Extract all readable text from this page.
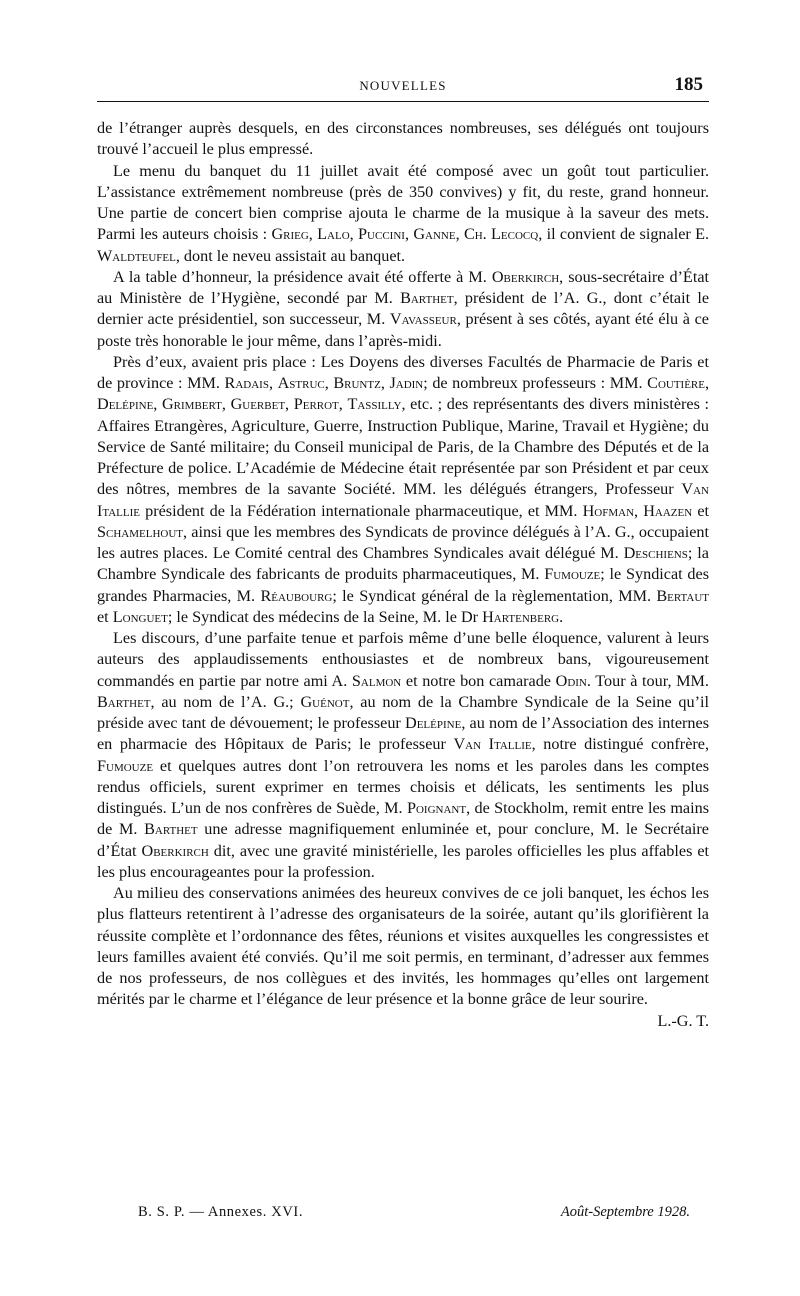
NOUVELLES	185

de l’étranger auprès desquels, en des circonstances nombreuses, ses délégués ont toujours trouvé l’accueil le plus empressé.

Le menu du banquet du 11 juillet avait été composé avec un goût tout particulier. L’assistance extrêmement nombreuse (près de 350 convives) y fit, du reste, grand honneur. Une partie de concert bien comprise ajouta le charme de la musique à la saveur des mets. Parmi les auteurs choisis : Grieg, Lalo, Puccini, Ganne, Ch. Lecocq, il convient de signaler E. Waldteufel, dont le neveu assistait au banquet.

A la table d’honneur, la présidence avait été offerte à M. Oberkirch, sous-secrétaire d’État au Ministère de l’Hygiène, secondé par M. Barthet, président de l’A. G., dont c’était le dernier acte présidentiel, son successeur, M. Vavasseur, présent à ses côtés, ayant été élu à ce poste très honorable le jour même, dans l’après-midi.

Près d’eux, avaient pris place : Les Doyens des diverses Facultés de Pharmacie de Paris et de province : MM. Radais, Astruc, Bruntz, Jadin; de nombreux professeurs : MM. Coutière, Delépine, Grimbert, Guerbet, Perrot, Tassilly, etc. ; des représentants des divers ministères : Affaires Etrangères, Agriculture, Guerre, Instruction Publique, Marine, Travail et Hygiène; du Service de Santé militaire; du Conseil municipal de Paris, de la Chambre des Députés et de la Préfecture de police. L’Académie de Médecine était représentée par son Président et par ceux des nôtres, membres de la savante Société. MM. les délégués étrangers, Professeur Van Itallie président de la Fédération internationale pharmaceutique, et MM. Hofman, Haazen et Schamelhout, ainsi que les membres des Syndicats de province délégués à l’A. G., occupaient les autres places. Le Comité central des Chambres Syndicales avait délégué M. Deschiens; la Chambre Syndicale des fabricants de produits pharmaceutiques, M. Fumouze; le Syndicat des grandes Pharmacies, M. Réaubourg; le Syndicat général de la règlementation, MM. Bertaut et Longuet; le Syndicat des médecins de la Seine, M. le Dr Hartenberg.

Les discours, d’une parfaite tenue et parfois même d’une belle éloquence, valurent à leurs auteurs des applaudissements enthousiastes et de nombreux bans, vigoureusement commandés en partie par notre ami A. Salmon et notre bon camarade Odin. Tour à tour, MM. Barthet, au nom de l’A. G.; Guénot, au nom de la Chambre Syndicale de la Seine qu’il préside avec tant de dévouement; le professeur Delépine, au nom de l’Association des internes en pharmacie des Hôpitaux de Paris; le professeur Van Itallie, notre distingué confrère, Fumouze et quelques autres dont l’on retrouvera les noms et les paroles dans les comptes rendus officiels, surent exprimer en termes choisis et délicats, les sentiments les plus distingués. L’un de nos confrères de Suède, M. Poignant, de Stockholm, remit entre les mains de M. Barthet une adresse magnifiquement enluminée et, pour conclure, M. le Secrétaire d’État Oberkirch dit, avec une gravité ministérielle, les paroles officielles les plus affables et les plus encourageantes pour la profession.

Au milieu des conservations animées des heureux convives de ce joli banquet, les échos les plus flatteurs retentirent à l’adresse des organisateurs de la soirée, autant qu’ils glorifièrent la réussite complète et l’ordonnance des fêtes, réunions et visites auxquelles les congressistes et leurs familles avaient été conviés. Qu’il me soit permis, en terminant, d’adresser aux femmes de nos professeurs, de nos collègues et des invités, les hommages qu’elles ont largement mérités par le charme et l’élégance de leur présence et la bonne grâce de leur sourire.
L.-G. T.

B. S. P. — Annexes. XVI.	Août-Septembre 1928.
